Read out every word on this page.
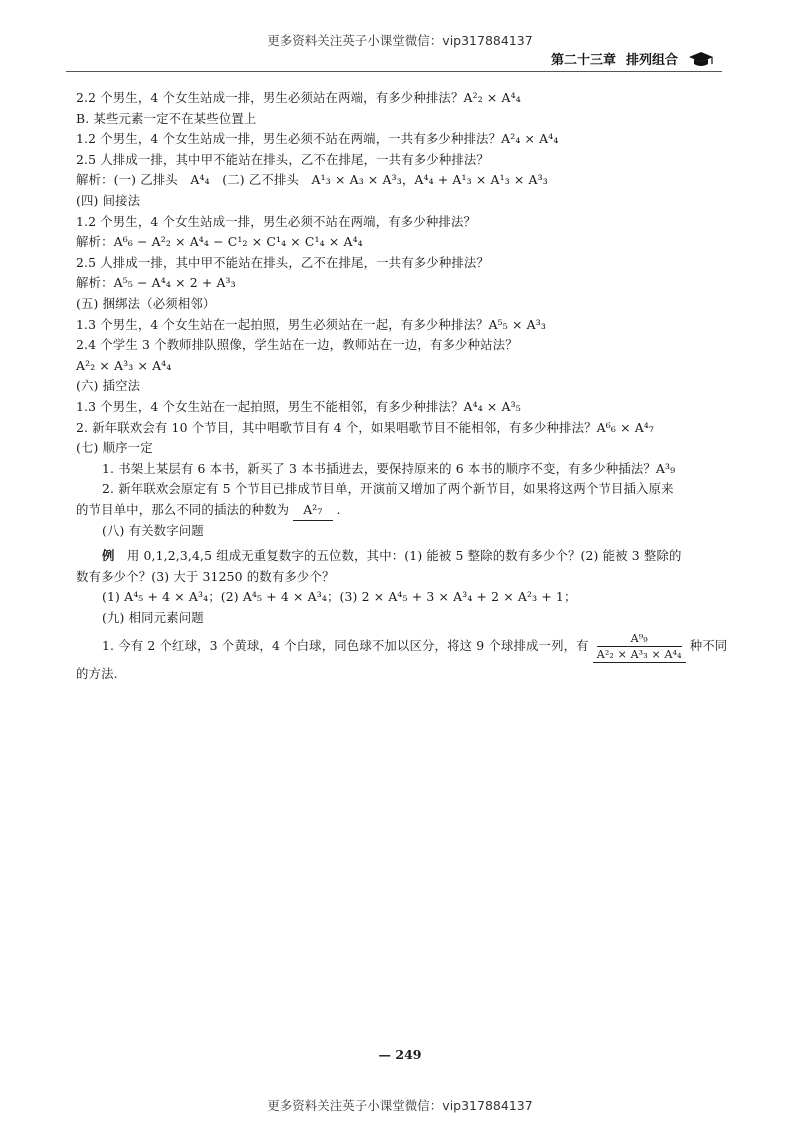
更多资料关注英子小课堂微信：vip317884137
第二十三章 排列组合
2.2 个男生，4 个女生站成一排，男生必须站在两端，有多少种排法？A²₂ × A⁴₄
B. 某些元素一定不在某些位置上
1.2 个男生，4 个女生站成一排，男生必须不站在两端，一共有多少种排法？A²₄ × A⁴₄
2.5 人排成一排，其中甲不能站在排头，乙不在排尾，一共有多少种排法？
解析：(一) 乙排头　A⁴₄　(二) 乙不排头　A¹₃ × A₃ × A³₃，A⁴₄ + A¹₃ × A¹₃ × A³₃
(四) 间接法
1.2 个男生，4 个女生站成一排，男生必须不站在两端，有多少种排法？
解析：A⁶₆ − A²₂ × A⁴₄ − C¹₂ × C¹₄ × C¹₄ × A⁴₄
2.5 人排成一排，其中甲不能站在排头，乙不在排尾，一共有多少种排法？
解析：A⁵₅ − A⁴₄ × 2 + A³₃
(五) 捆绑法（必须相邻）
1.3 个男生，4 个女生站在一起拍照，男生必须站在一起，有多少种排法？A⁵₅ × A³₃
2.4 个学生 3 个教师排队照像，学生站在一边，教师站在一边，有多少种站法？
A²₂ × A³₃ × A⁴₄
(六) 插空法
1.3 个男生，4 个女生站在一起拍照，男生不能相邻，有多少种排法？A⁴₄ × A³₅
2. 新年联欢会有 10 个节目，其中唱歌节目有 4 个，如果唱歌节目不能相邻，有多少种排法？A⁶₆ × A⁴₇
(七) 顺序一定
1. 书架上某层有 6 本书，新买了 3 本书插进去，要保持原来的 6 本书的顺序不变，有多少种插法？A³₉
2. 新年联欢会原定有 5 个节目已排成节目单，开演前又增加了两个新节目，如果将这两个节目插入原来
的节目单中，那么不同的插法的种数为 A²₇ .
(八) 有关数字问题
例 用 0,1,2,3,4,5 组成无重复数字的五位数，其中：(1) 能被 5 整除的数有多少个？(2) 能被 3 整除的
数有多少个？(3) 大于 31250 的数有多少个？
(1) A⁴₅ + 4 × A³₄；(2) A⁴₅ + 4 × A³₄；(3) 2 × A⁴₅ + 3 × A³₄ + 2 × A²₃ + 1；
(九) 相同元素问题
1. 今有 2 个红球，3 个黄球，4 个白球，同色球不加以区分，将这 9 个球排成一列，有 $\frac{\text{A⁹₉}}{\text{A²₂ × A³₃ × A⁴₄}}$ 种不同
的方法.
— 249
更多资料关注英子小课堂微信：vip317884137
